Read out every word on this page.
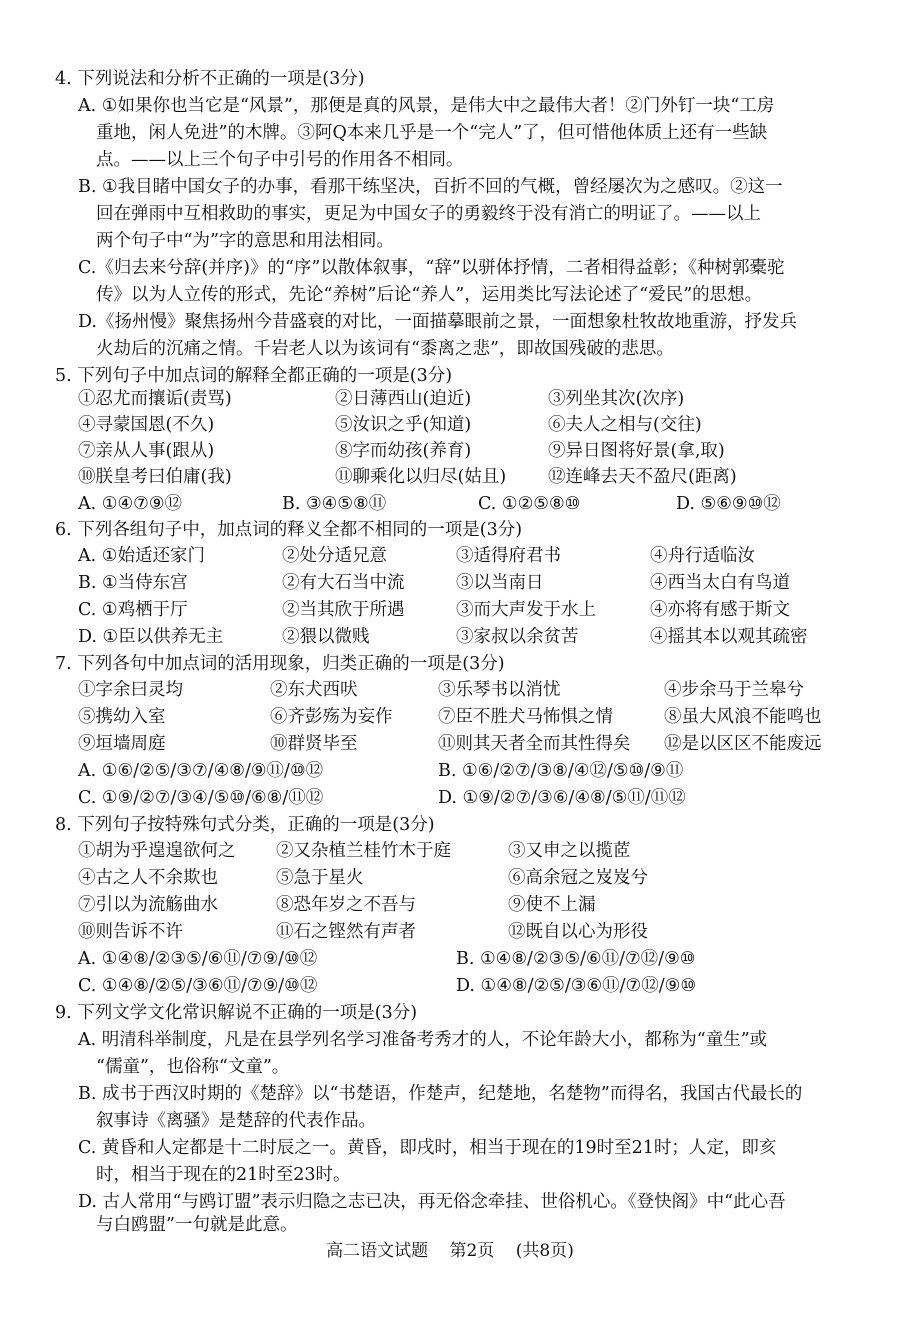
4. 下列说法和分析不正确的一项是(3分)
A. ①如果你也当它是“风景”，那便是真的风景，是伟大中之最伟大者！②门外钉一块“工房
重地，闲人免进”的木牌。③阿Q本来几乎是一个“完人”了，但可惜他体质上还有一些缺
点。——以上三个句子中引号的作用各不相同。
B. ①我目睹中国女子的办事，看那干练坚决，百折不回的气概，曾经屡次为之感叹。②这一
回在弹雨中互相救助的事实，更足为中国女子的勇毅终于没有消亡的明证了。——以上
两个句子中“为”字的意思和用法相同。
C.《归去来兮辞(并序)》的“序”以散体叙事，“辞”以骈体抒情，二者相得益彰；《种树郭橐驼
传》以为人立传的形式，先论“养树”后论“养人”，运用类比写法论述了“爱民”的思想。
D.《扬州慢》聚焦扬州今昔盛衰的对比，一面描摹眼前之景，一面想象杜牧故地重游，抒发兵
火劫后的沉痛之情。千岩老人以为该词有“黍离之悲”，即故国残破的悲思。
5. 下列句子中加点词的解释全都正确的一项是(3分)
①忍尤而攘诟(责骂)	②日薄西山(迫近)	③列坐其次(次序)
④寻蒙国恩(不久)	⑤汝识之乎(知道)	⑥夫人之相与(交往)
⑦亲从人事(跟从)	⑧字而幼孩(养育)	⑨异日图将好景(拿,取)
⑩朕皇考曰伯庸(我)	⑪聊乘化以归尽(姑且) ⑫连峰去天不盈尺(距离)
A. ①④⑦⑨⑫	B. ③④⑤⑧⑪	C. ①②⑤⑧⑩	D. ⑤⑥⑨⑩⑫
6. 下列各组句子中，加点词的释义全都不相同的一项是(3分)
A. ①始适还家门	②处分适兄意	③适得府君书	④舟行适临汝
B. ①当侍东宫	②有大石当中流	③以当南日	④西当太白有鸟道
C. ①鸡栖于厅	②当其欣于所遇	③而大声发于水上	④亦将有感于斯文
D. ①臣以供养无主	②猥以微贱	③家叔以余贫苦	④摇其本以观其疏密
7. 下列各句中加点词的活用现象，归类正确的一项是(3分)
①字余曰灵均	②东犬西吠	③乐琴书以消忧	④步余马于兰皋兮
⑤携幼入室	⑥齐彭殇为妄作	⑦臣不胜犬马怖惧之情	⑧虽大风浪不能鸣也
⑨垣墙周庭	⑩群贤毕至	⑪则其天者全而其性得矣 ⑫是以区区不能废远
A. ①⑥/②⑤/③⑦/④⑧/⑨⑪/⑩⑫	B. ①⑥/②⑦/③⑧/④⑫/⑤⑩/⑨⑪
C. ①⑨/②⑦/③④/⑤⑩/⑥⑧/⑪⑫	D. ①⑨/②⑦/③⑥/④⑧/⑤⑪/⑪⑫
8. 下列句子按特殊句式分类，正确的一项是(3分)
①胡为乎遑遑欲何之 ②又杂植兰桂竹木于庭	③又申之以揽茝
④古之人不余欺也	⑤急于星火	⑥高余冠之岌岌兮
⑦引以为流觞曲水	⑧恐年岁之不吾与	⑨使不上漏
⑩则告诉不许	⑪石之铿然有声者	⑫既自以心为形役
A. ①④⑧/②③⑤/⑥⑪/⑦⑨/⑩⑫	B. ①④⑧/②③⑤/⑥⑪/⑦⑫/⑨⑩
C. ①④⑧/②⑤/③⑥⑪/⑦⑨/⑩⑫	D. ①④⑧/②⑤/③⑥⑪/⑦⑫/⑨⑩
9. 下列文学文化常识解说不正确的一项是(3分)
A. 明清科举制度，凡是在县学列名学习准备考秀才的人，不论年龄大小，都称为“童生”或
“儒童”，也俗称“文童”。
B. 成书于西汉时期的《楚辞》以“书楚语，作楚声，纪楚地，名楚物”而得名，我国古代最长的
叙事诗《离骚》是楚辞的代表作品。
C. 黄昏和人定都是十二时辰之一。黄昏，即戌时，相当于现在的19时至21时；人定，即亥
时，相当于现在的21时至23时。
D. 古人常用“与鸥订盟”表示归隐之志已决，再无俗念牵挂、世俗机心。《登快阁》中“此心吾
与白鸥盟”一句就是此意。
高二语文试题 第2页 (共8页)
